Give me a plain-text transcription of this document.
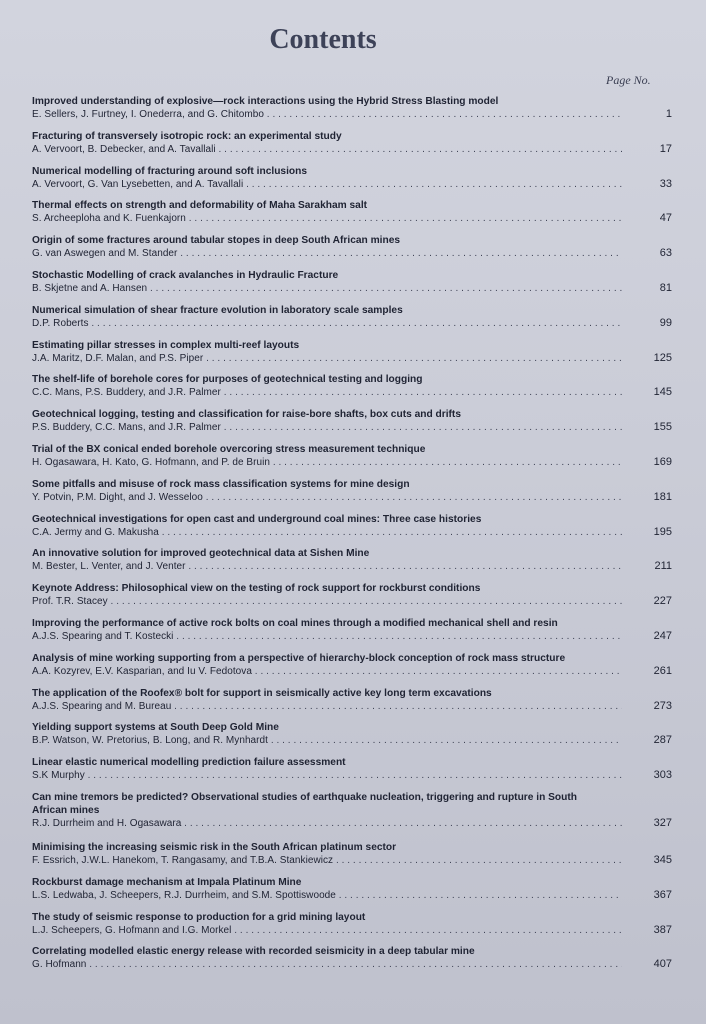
Contents
Page No.
Improved understanding of explosive—rock interactions using the Hybrid Stress Blasting model
E. Sellers, J. Furtney, I. Onederra, and G. Chitombo . . .	1
Fracturing of transversely isotropic rock: an experimental study
A. Vervoort, B. Debecker, and A. Tavallali . . .	17
Numerical modelling of fracturing around soft inclusions
A. Vervoort, G. Van Lysebetten, and A. Tavallali . . .	33
Thermal effects on strength and deformability of Maha Sarakham salt
S. Archeeploha and K. Fuenkajorn . . .	47
Origin of some fractures around tabular stopes in deep South African mines
G. van Aswegen and M. Stander . . .	63
Stochastic Modelling of crack avalanches in Hydraulic Fracture
B. Skjetne and A. Hansen . . .	81
Numerical simulation of shear fracture evolution in laboratory scale samples
D.P. Roberts . . .	99
Estimating pillar stresses in complex multi-reef layouts
J.A. Maritz, D.F. Malan, and P.S. Piper . . .	125
The shelf-life of borehole cores for purposes of geotechnical testing and logging
C.C. Mans, P.S. Buddery, and J.R. Palmer . . .	145
Geotechnical logging, testing and classification for raise-bore shafts, box cuts and drifts
P.S. Buddery, C.C. Mans, and J.R. Palmer . . .	155
Trial of the BX conical ended borehole overcoring stress measurement technique
H. Ogasawara, H. Kato, G. Hofmann, and P. de Bruin . . .	169
Some pitfalls and misuse of rock mass classification systems for mine design
Y. Potvin, P.M. Dight, and J. Wesseloo . . .	181
Geotechnical investigations for open cast and underground coal mines: Three case histories
C.A. Jermy and G. Makusha . . .	195
An innovative solution for improved geotechnical data at Sishen Mine
M. Bester, L. Venter, and J. Venter . . .	211
Keynote Address: Philosophical view on the testing of rock support for rockburst conditions
Prof. T.R. Stacey . . .	227
Improving the performance of active rock bolts on coal mines through a modified mechanical shell and resin
A.J.S. Spearing and T. Kostecki . . .	247
Analysis of mine working supporting from a perspective of hierarchy-block conception of rock mass structure
A.A. Kozyrev, E.V. Kasparian, and Iu V. Fedotova . . .	261
The application of the Roofex® bolt for support in seismically active key long term excavations
A.J.S. Spearing and M. Bureau . . .	273
Yielding support systems at South Deep Gold Mine
B.P. Watson, W. Pretorius, B. Long, and R. Mynhardt . . .	287
Linear elastic numerical modelling prediction failure assessment
S.K Murphy . . .	303
Can mine tremors be predicted? Observational studies of earthquake nucleation, triggering and rupture in South African mines
R.J. Durrheim and H. Ogasawara . . .	327
Minimising the increasing seismic risk in the South African platinum sector
F. Essrich, J.W.L. Hanekom, T. Rangasamy, and T.B.A. Stankiewicz . . .	345
Rockburst damage mechanism at Impala Platinum Mine
L.S. Ledwaba, J. Scheepers, R.J. Durrheim, and S.M. Spottiswoode . . .	367
The study of seismic response to production for a grid mining layout
L.J. Scheepers, G. Hofmann and I.G. Morkel . . .	387
Correlating modelled elastic energy release with recorded seismicity in a deep tabular mine
G. Hofmann . . .	407
